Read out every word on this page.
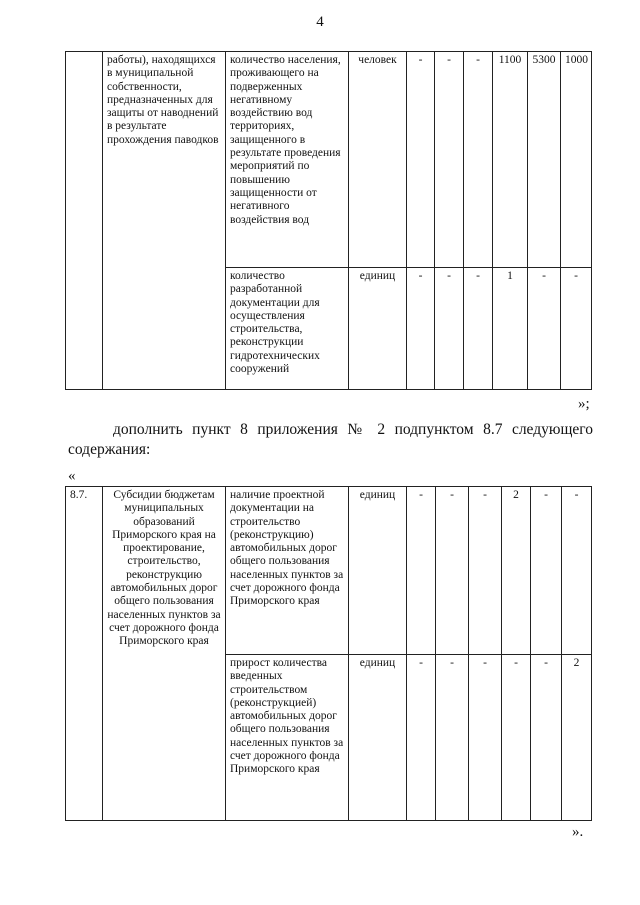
4
	работы), находящихся в муниципальной собственности, предназначенных для защиты от наводнений в результате прохождения паводков	количество населения, проживающего на подверженных негативному воздействию вод территориях, защищенного в результате проведения мероприятий по повышению защищенности от негативного воздействия вод	человек	-	-	-	1100	5300	1000
		количество разработанной документации для осуществления строительства, реконструкции гидротехнических сооружений	единиц	-	-	-	1	-	-
»;
дополнить пункт 8 приложения № 2 подпунктом 8.7 следующего
содержания:
«
8.7.	Субсидии бюджетам муниципальных образований Приморского края на проектирование, строительство, реконструкцию автомобильных дорог общего пользования населенных пунктов за счет дорожного фонда Приморского края	наличие проектной документации на строительство (реконструкцию) автомобильных дорог общего пользования населенных пунктов за счет дорожного фонда Приморского края	единиц	-	-	-	2	-	-
		прирост количества введенных строительством (реконструкцией) автомобильных дорог общего пользования населенных пунктов за счет дорожного фонда Приморского края	единиц	-	-	-	-	-	2
».
